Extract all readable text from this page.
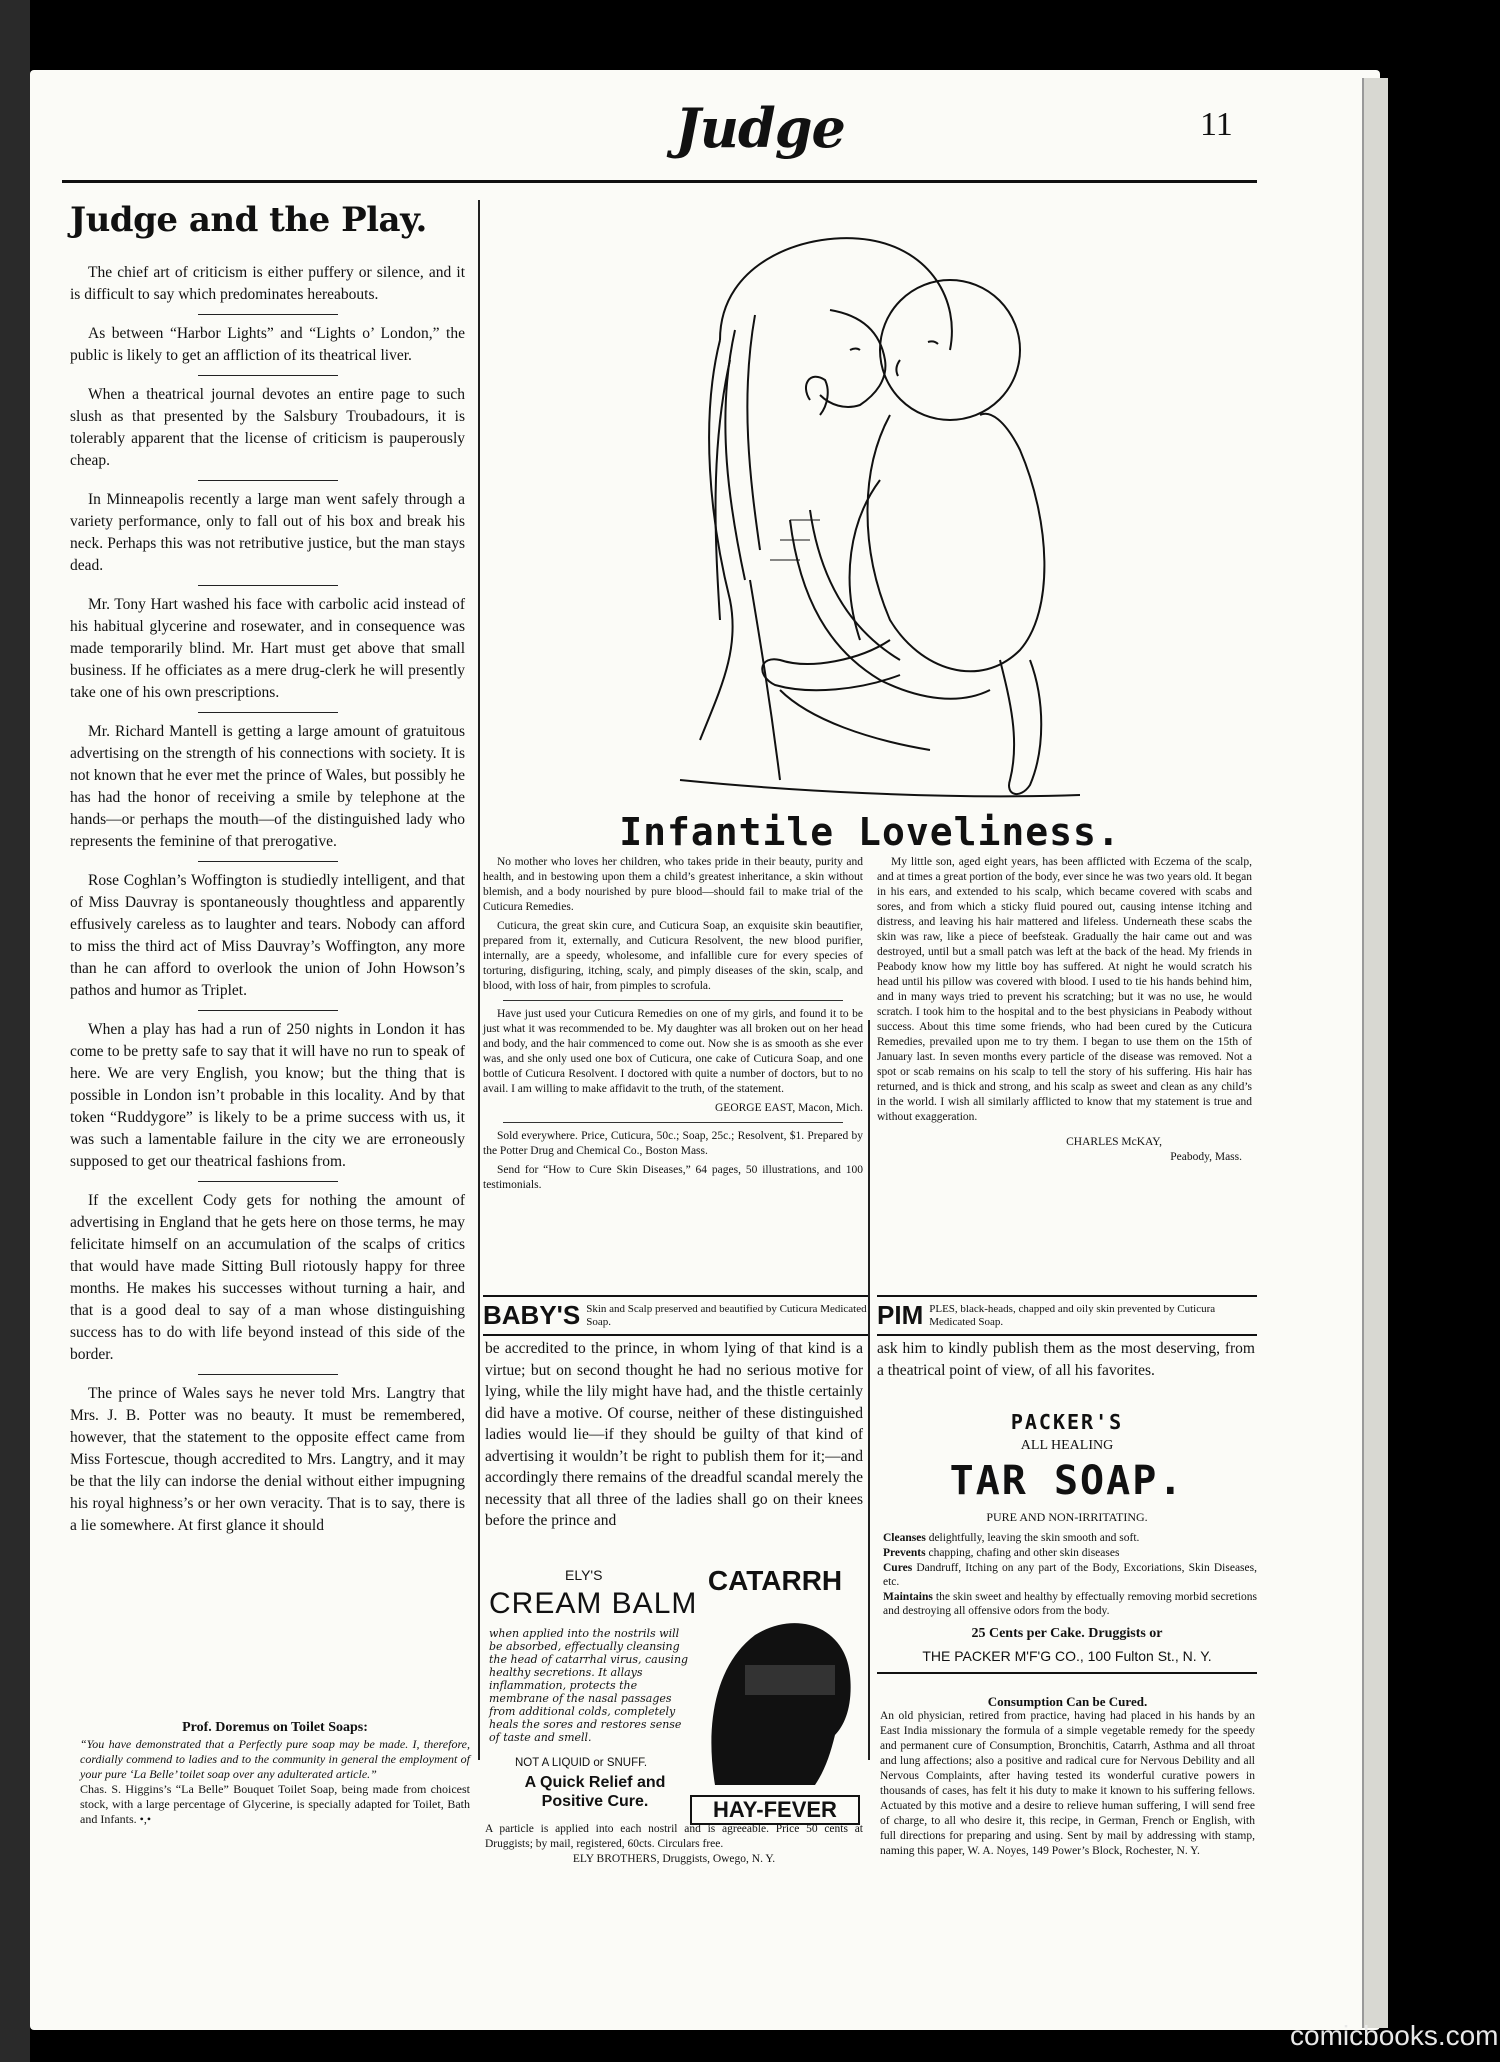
Judge	11
Judge and the Play.

The chief art of criticism is either puffery or silence, and it is difficult to say which predominates hereabouts.

As between “Harbor Lights” and “Lights o’ London,” the public is likely to get an affliction of its theatrical liver.

When a theatrical journal devotes an entire page to such slush as that presented by the Salsbury Troubadours, it is tolerably apparent that the license of criticism is pauperously cheap.

In Minneapolis recently a large man went safely through a variety performance, only to fall out of his box and break his neck. Perhaps this was not retributive justice, but the man stays dead.

Mr. Tony Hart washed his face with carbolic acid instead of his habitual glycerine and rosewater, and in consequence was made temporarily blind. Mr. Hart must get above that small business. If he officiates as a mere drug-clerk he will presently take one of his own prescriptions.

Mr. Richard Mantell is getting a large amount of gratuitous advertising on the strength of his connections with society. It is not known that he ever met the prince of Wales, but possibly he has had the honor of receiving a smile by telephone at the hands—or perhaps the mouth—of the distinguished lady who represents the feminine of that prerogative.

Rose Coghlan’s Woffington is studiedly intelligent, and that of Miss Dauvray is spontaneously thoughtless and apparently effusively careless as to laughter and tears. Nobody can afford to miss the third act of Miss Dauvray’s Woffington, any more than he can afford to overlook the union of John Howson’s pathos and humor as Triplet.

When a play has had a run of 250 nights in London it has come to be pretty safe to say that it will have no run to speak of here. We are very English, you know; but the thing that is possible in London isn’t probable in this locality. And by that token “Ruddygore” is likely to be a prime success with us, it was such a lamentable failure in the city we are erroneously supposed to get our theatrical fashions from.

If the excellent Cody gets for nothing the amount of advertising in England that he gets here on those terms, he may felicitate himself on an accumulation of the scalps of critics that would have made Sitting Bull riotously happy for three months. He makes his successes without turning a hair, and that is a good deal to say of a man whose distinguishing success has to do with life beyond instead of this side of the border.

The prince of Wales says he never told Mrs. Langtry that Mrs. J. B. Potter was no beauty. It must be remembered, however, that the statement to the opposite effect came from Miss Fortescue, though accredited to Mrs. Langtry, and it may be that the lily can indorse the denial without either impugning his royal highness’s or her own veracity. That is to say, there is a lie somewhere. At first glance it should

Prof. Doremus on Toilet Soaps:

“You have demonstrated that a Perfectly pure soap may be made. I, therefore, cordially commend to ladies and to the community in general the employment of your pure ‘La Belle’ toilet soap over any adulterated article.”

Chas. S. Higgins’s “La Belle” Bouquet Toilet Soap, being made from choicest stock, with a large percentage of Glycerine, is specially adapted for Toilet, Bath and Infants. •,•

Infantile Loveliness.

No mother who loves her children, who takes pride in their beauty, purity and health, and in bestowing upon them a child’s greatest inheritance, a skin without blemish, and a body nourished by pure blood—should fail to make trial of the Cuticura Remedies.

Cuticura, the great skin cure, and Cuticura Soap, an exquisite skin beautifier, prepared from it, externally, and Cuticura Resolvent, the new blood purifier, internally, are a speedy, wholesome, and infallible cure for every species of torturing, disfiguring, itching, scaly, and pimply diseases of the skin, scalp, and blood, with loss of hair, from pimples to scrofula.

Have just used your Cuticura Remedies on one of my girls, and found it to be just what it was recommended to be. My daughter was all broken out on her head and body, and the hair commenced to come out. Now she is as smooth as she ever was, and she only used one box of Cuticura, one cake of Cuticura Soap, and one bottle of Cuticura Resolvent. I doctored with quite a number of doctors, but to no avail. I am willing to make affidavit to the truth, of the statement.

GEORGE EAST, Macon, Mich.

Sold everywhere. Price, Cuticura, 50c.; Soap, 25c.; Resolvent, $1. Prepared by the Potter Drug and Chemical Co., Boston Mass.

Send for “How to Cure Skin Diseases,” 64 pages, 50 illustrations, and 100 testimonials.

My little son, aged eight years, has been afflicted with Eczema of the scalp, and at times a great portion of the body, ever since he was two years old. It began in his ears, and extended to his scalp, which became covered with scabs and sores, and from which a sticky fluid poured out, causing intense itching and distress, and leaving his hair mattered and lifeless. Underneath these scabs the skin was raw, like a piece of beefsteak. Gradually the hair came out and was destroyed, until but a small patch was left at the back of the head. My friends in Peabody know how my little boy has suffered. At night he would scratch his head until his pillow was covered with blood. I used to tie his hands behind him, and in many ways tried to prevent his scratching; but it was no use, he would scratch. I took him to the hospital and to the best physicians in Peabody without success. About this time some friends, who had been cured by the Cuticura Remedies, prevailed upon me to try them. I began to use them on the 15th of January last. In seven months every particle of the disease was removed. Not a spot or scab remains on his scalp to tell the story of his suffering. His hair has returned, and is thick and strong, and his scalp as sweet and clean as any child’s in the world. I wish all similarly afflicted to know that my statement is true and without exaggeration.

CHARLES McKAY,
Peabody, Mass.
BABY'S Skin and Scalp preserved and beautified by Cuticura Medicated Soap.	PIM PLES, black-heads, chapped and oily skin prevented by Cuticura Medicated Soap.
be accredited to the prince, in whom lying of that kind is a virtue; but on second thought he had no serious motive for lying, while the lily might have had, and the thistle certainly did have a motive. Of course, neither of these distinguished ladies would lie—if they should be guilty of that kind of advertising it wouldn’t be right to publish them for it;—and accordingly there remains of the dreadful scandal merely the necessity that all three of the ladies shall go on their knees before the prince and
ask him to kindly publish them as the most deserving, from a theatrical point of view, of all his favorites.
ELY'S
CREAM BALM
when applied into the nostrils will be absorbed, effectually cleansing the head of catarrhal virus, causing healthy secretions. It allays inflammation, protects the membrane of the nasal passages from additional colds, completely heals the sores and restores sense of taste and smell.
CATARRH
HAY-FEVER
NOT A LIQUID or SNUFF.
A Quick Relief and Positive Cure.

A particle is applied into each nostril and is agreeable. Price 50 cents at Druggists; by mail, registered, 60cts. Circulars free.

ELY BROTHERS, Druggists, Owego, N. Y.

PACKER'S
ALL HEALING
TAR SOAP.
PURE AND NON-IRRITATING.

Cleanses delightfully, leaving the skin smooth and soft.

Prevents chapping, chafing and other skin diseases

Cures Dandruff, Itching on any part of the Body, Excoriations, Skin Diseases, etc.

Maintains the skin sweet and healthy by effectually removing morbid secretions and destroying all offensive odors from the body.

25 Cents per Cake. Druggists or
THE PACKER M'F'G CO., 100 Fulton St., N. Y.
Consumption Can be Cured.

An old physician, retired from practice, having had placed in his hands by an East India missionary the formula of a simple vegetable remedy for the speedy and permanent cure of Consumption, Bronchitis, Catarrh, Asthma and all throat and lung affections; also a positive and radical cure for Nervous Debility and all Nervous Complaints, after having tested its wonderful curative powers in thousands of cases, has felt it his duty to make it known to his suffering fellows. Actuated by this motive and a desire to relieve human suffering, I will send free of charge, to all who desire it, this recipe, in German, French or English, with full directions for preparing and using. Sent by mail by addressing with stamp, naming this paper, W. A. Noyes, 149 Power’s Block, Rochester, N. Y.

comicbooks.com
